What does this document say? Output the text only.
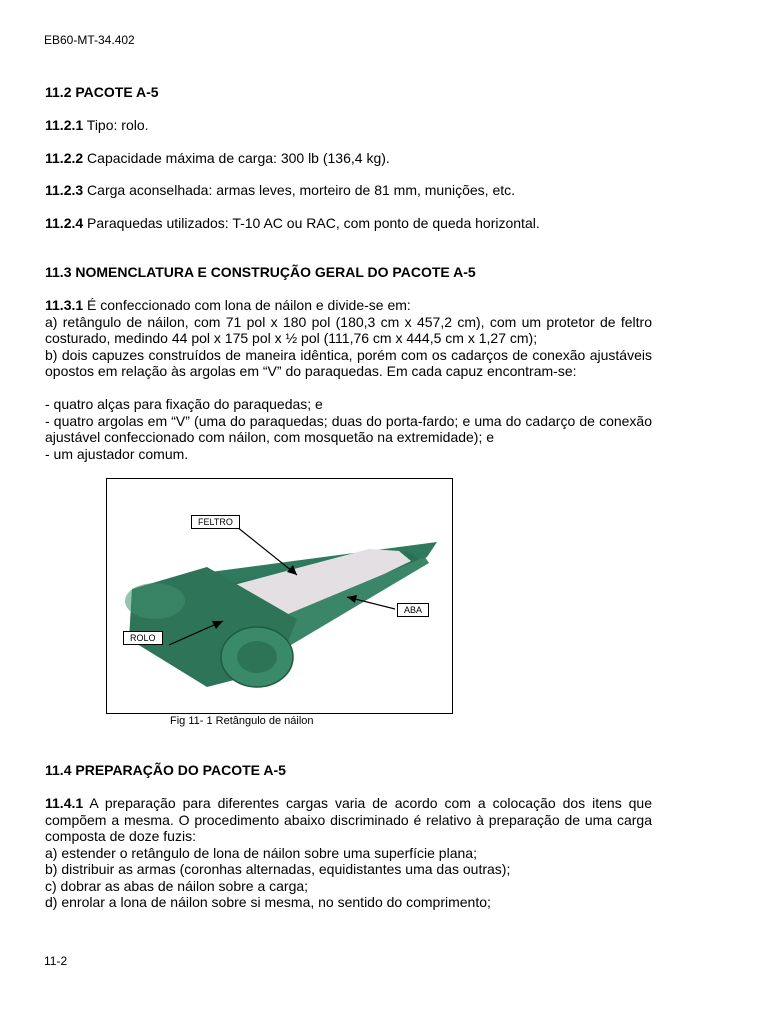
EB60-MT-34.402
11.2 PACOTE A-5
11.2.1 Tipo: rolo.
11.2.2 Capacidade máxima de carga: 300 lb (136,4 kg).
11.2.3 Carga aconselhada: armas leves, morteiro de 81 mm, munições, etc.
11.2.4 Paraquedas utilizados: T-10 AC ou RAC, com ponto de queda horizontal.
11.3 NOMENCLATURA E CONSTRUÇÃO GERAL DO PACOTE A-5
11.3.1 É confeccionado com lona de náilon e divide-se em:
a) retângulo de náilon, com 71 pol x 180 pol (180,3 cm x 457,2 cm), com um protetor de feltro costurado, medindo 44 pol x 175 pol x ½ pol (111,76 cm x 444,5 cm x 1,27 cm);
b) dois capuzes construídos de maneira idêntica, porém com os cadarços de conexão ajustáveis opostos em relação às argolas em “V” do paraquedas. Em cada capuz encontram-se:
- quatro alças para fixação do paraquedas; e
- quatro argolas em “V” (uma do paraquedas; duas do porta-fardo; e uma do cadarço de conexão ajustável confeccionado com náilon, com mosquetão na extremidade); e
- um ajustador comum.
FELTRO
ABA
ROLO
Fig 11- 1 Retângulo de náilon
11.4 PREPARAÇÃO DO PACOTE A-5
11.4.1 A preparação para diferentes cargas varia de acordo com a colocação dos itens que compõem a mesma. O procedimento abaixo discriminado é relativo à preparação de uma carga composta de doze fuzis:
a) estender o retângulo de lona de náilon sobre uma superfície plana;
b) distribuir as armas (coronhas alternadas, equidistantes uma das outras);
c) dobrar as abas de náilon sobre a carga;
d) enrolar a lona de náilon sobre si mesma, no sentido do comprimento;
11-2
